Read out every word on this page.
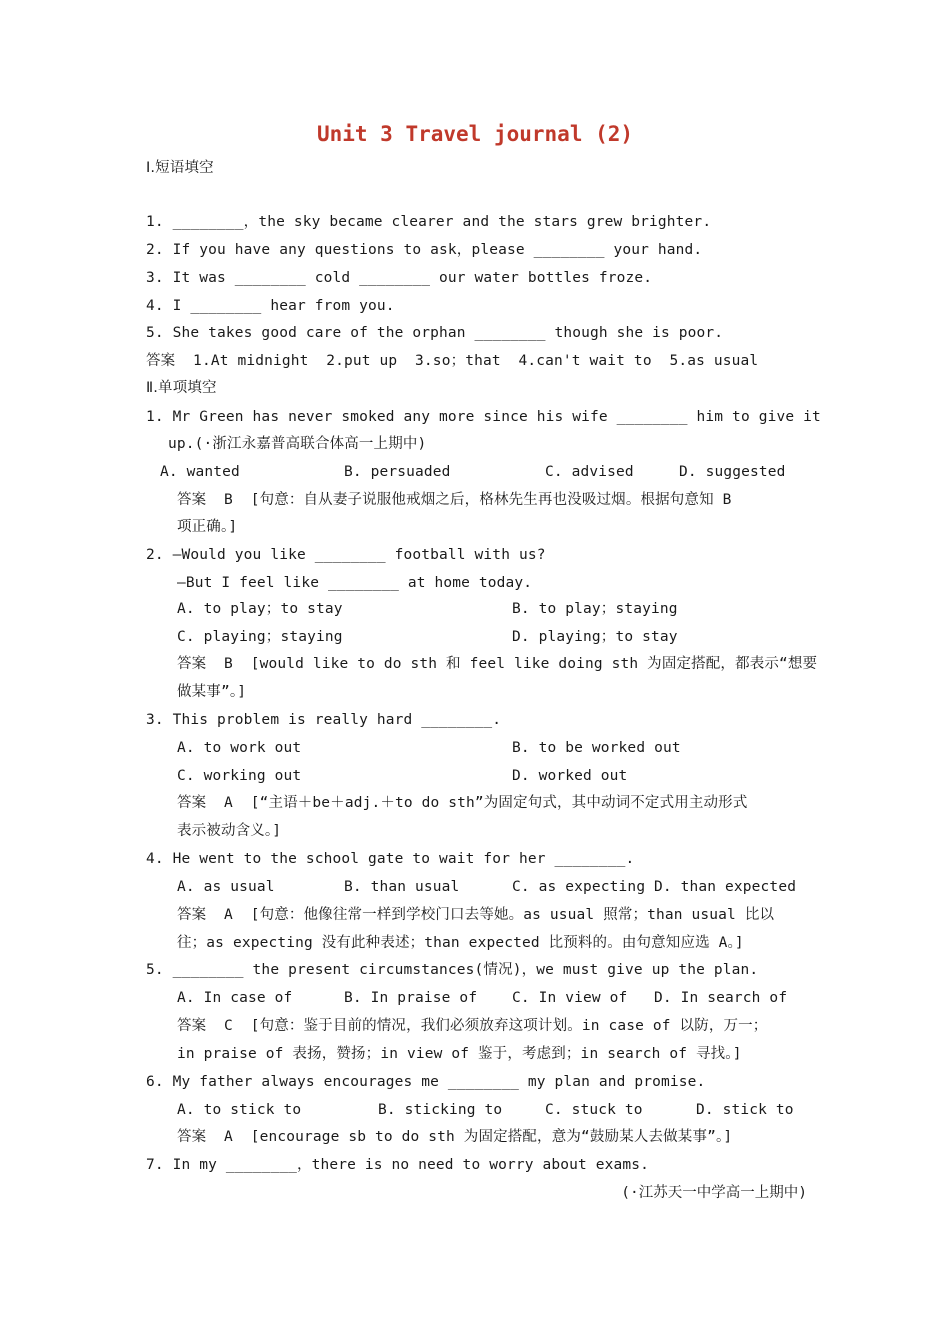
Unit 3 Travel journal (2)
Ⅰ.短语填空
1. ________，the sky became clearer and the stars grew brighter.
2. If you have any questions to ask，please ________ your hand.
3. It was ________ cold ________ our water bottles froze.
4. I ________ hear from you.
5. She takes good care of the orphan ________ though she is poor.
答案  1.At midnight  2.put up  3.so；that  4.can't wait to  5.as usual
Ⅱ.单项填空
1. Mr Green has never smoked any more since his wife ________ him to give it
up.(·浙江永嘉普高联合体高一上期中)
A. wanted	B. persuaded	C. advised	D. suggested
答案  B  [句意：自从妻子说服他戒烟之后，格林先生再也没吸过烟。根据句意知 B
项正确。]
2. —Would you like ________ football with us?
—But I feel like ________ at home today.
A. to play；to stay	B. to play；staying
C. playing；staying	D. playing；to stay
答案  B  [would like to do sth 和 feel like doing sth 为固定搭配，都表示“想要
做某事”。]
3. This problem is really hard ________.
A. to work out	B. to be worked out
C. working out	D. worked out
答案  A  [“主语＋be＋adj.＋to do sth”为固定句式，其中动词不定式用主动形式
表示被动含义。]
4. He went to the school gate to wait for her ________.
A. as usual	B. than usual	C. as expecting D. than expected
答案  A  [句意：他像往常一样到学校门口去等她。as usual 照常；than usual 比以
往；as expecting 没有此种表述；than expected 比预料的。由句意知应选 A。]
5. ________ the present circumstances(情况)，we must give up the plan.
A. In case of	B. In praise of C. In view of D. In search of
答案  C  [句意：鉴于目前的情况，我们必须放弃这项计划。in case of 以防，万一；
in praise of 表扬，赞扬；in view of 鉴于，考虑到；in search of 寻找。]
6. My father always encourages me ________ my plan and promise.
A. to stick to	B. sticking to	C. stuck to	D. stick to
答案  A  [encourage sb to do sth 为固定搭配，意为“鼓励某人去做某事”。]
7. In my ________，there is no need to worry about exams.
(·江苏天一中学高一上期中)
